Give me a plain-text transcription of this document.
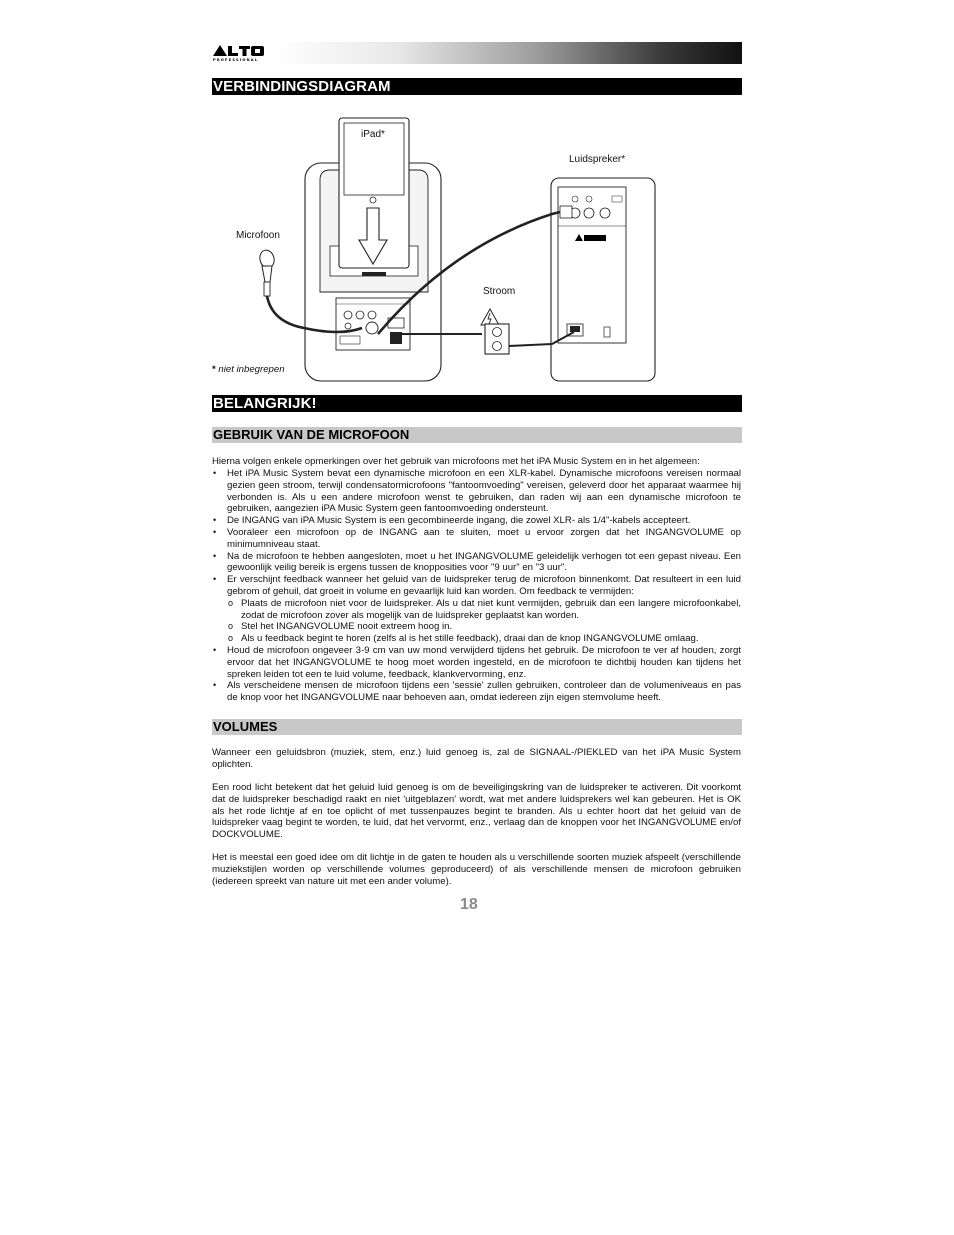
PROFESSIONAL
VERBINDINGSDIAGRAM
iPad*
Luidspreker*
Microfoon
Stroom
* niet inbegrepen
BELANGRIJK!
GEBRUIK VAN DE MICROFOON
Hierna volgen enkele opmerkingen over het gebruik van microfoons met het iPA Music System en in het algemeen:
• Het iPA Music System bevat een dynamische microfoon en een XLR-kabel. Dynamische microfoons vereisen normaal gezien geen stroom, terwijl condensatormicrofoons "fantoomvoeding" vereisen, geleverd door het apparaat waarmee hij verbonden is. Als u een andere microfoon wenst te gebruiken, dan raden wij aan een dynamische microfoon te gebruiken, aangezien iPA Music System geen fantoomvoeding ondersteunt.
• De INGANG van iPA Music System is een gecombineerde ingang, die zowel XLR- als 1/4"-kabels accepteert.
• Vooraleer een microfoon op de INGANG aan te sluiten, moet u ervoor zorgen dat het INGANGVOLUME op minimumniveau staat.
• Na de microfoon te hebben aangesloten, moet u het INGANGVOLUME geleidelijk verhogen tot een gepast niveau. Een gewoonlijk veilig bereik is ergens tussen de knopposities voor "9 uur" en "3 uur".
• Er verschijnt feedback wanneer het geluid van de luidspreker terug de microfoon binnenkomt. Dat resulteert in een luid gebrom of gehuil, dat groeit in volume en gevaarlijk luid kan worden. Om feedback te vermijden:
o Plaats de microfoon niet voor de luidspreker. Als u dat niet kunt vermijden, gebruik dan een langere microfoonkabel, zodat de microfoon zover als mogelijk van de luidspreker geplaatst kan worden.
o Stel het INGANGVOLUME nooit extreem hoog in.
o Als u feedback begint te horen (zelfs al is het stille feedback), draai dan de knop INGANGVOLUME omlaag.
• Houd de microfoon ongeveer 3-9 cm van uw mond verwijderd tijdens het gebruik. De microfoon te ver af houden, zorgt ervoor dat het INGANGVOLUME te hoog moet worden ingesteld, en de microfoon te dichtbij houden kan tijdens het spreken leiden tot een te luid volume, feedback, klankvervorming, enz.
• Als verscheidene mensen de microfoon tijdens een 'sessie' zullen gebruiken, controleer dan de volumeniveaus en pas de knop voor het INGANGVOLUME naar behoeven aan, omdat iedereen zijn eigen stemvolume heeft.
VOLUMES
Wanneer een geluidsbron (muziek, stem, enz.) luid genoeg is, zal de SIGNAAL-/PIEKLED van het iPA Music System oplichten.
Een rood licht betekent dat het geluid luid genoeg is om de beveiligingskring van de luidspreker te activeren. Dit voorkomt dat de luidspreker beschadigd raakt en niet 'uitgeblazen' wordt, wat met andere luidsprekers wel kan gebeuren. Het is OK als het rode lichtje af en toe oplicht of met tussenpauzes begint te branden. Als u echter hoort dat het geluid van de luidspreker vaag begint te worden, te luid, dat het vervormt, enz., verlaag dan de knoppen voor het INGANGVOLUME en/of DOCKVOLUME.
Het is meestal een goed idee om dit lichtje in de gaten te houden als u verschillende soorten muziek afspeelt (verschillende muziekstijlen worden op verschillende volumes geproduceerd) of als verschillende mensen de microfoon gebruiken (iedereen spreekt van nature uit met een ander volume).
18
